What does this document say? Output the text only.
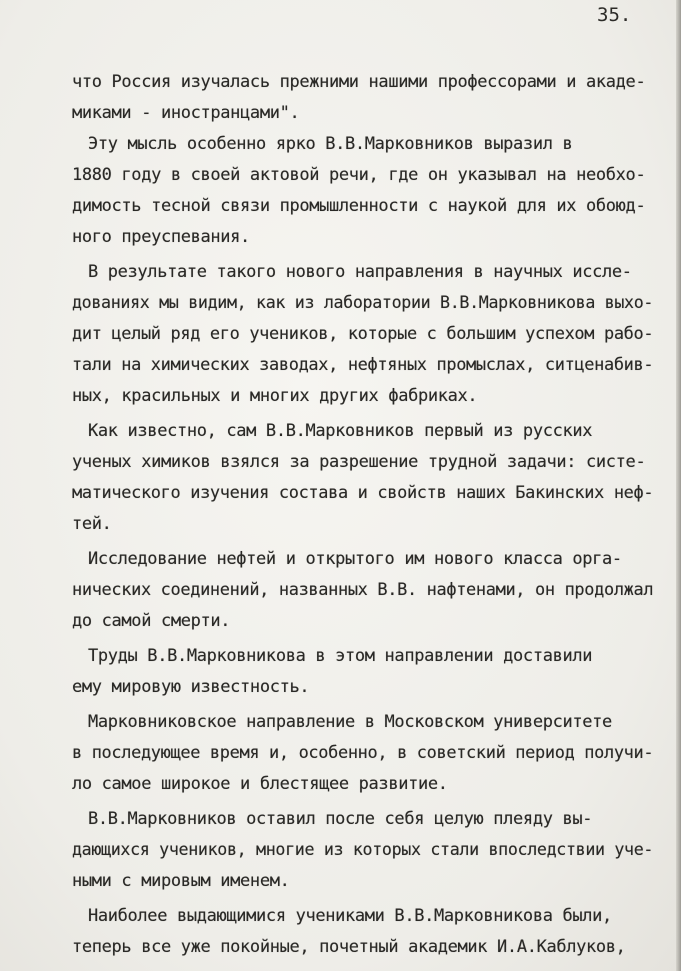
35.
что Россия изучалась прежними нашими профессорами и акаде-
миками - иностранцами".
Эту мысль особенно ярко В.В.Марковников выразил в
1880 году в своей актовой речи, где он указывал на необхо-
димость тесной связи промышленности с наукой для их обоюд-
ного преуспевания.
В результате такого нового направления в научных иссле-
дованиях мы видим, как из лаборатории В.В.Марковникова выхо-
дит целый ряд его учеников, которые с большим успехом рабо-
тали на химических заводах, нефтяных промыслах, ситценабив-
ных, красильных и многих других фабриках.
Как известно, сам В.В.Марковников первый из русских
ученых химиков взялся за разрешение трудной задачи: систе-
матического изучения состава и свойств наших Бакинских неф-
тей.
Исследование нефтей и открытого им нового класса орга-
нических соединений, названных В.В. нафтенами, он продолжал
до самой смерти.
Труды В.В.Марковникова в этом направлении доставили
ему мировую известность.
Марковниковское направление в Московском университете
в последующее время и, особенно, в советский период получи-
ло самое широкое и блестящее развитие.
В.В.Марковников оставил после себя целую плеяду вы-
дающихся учеников, многие из которых стали впоследствии уче-
ными с мировым именем.
Наиболее выдающимися учениками В.В.Марковникова были,
теперь все уже покойные, почетный академик И.А.Каблуков,
